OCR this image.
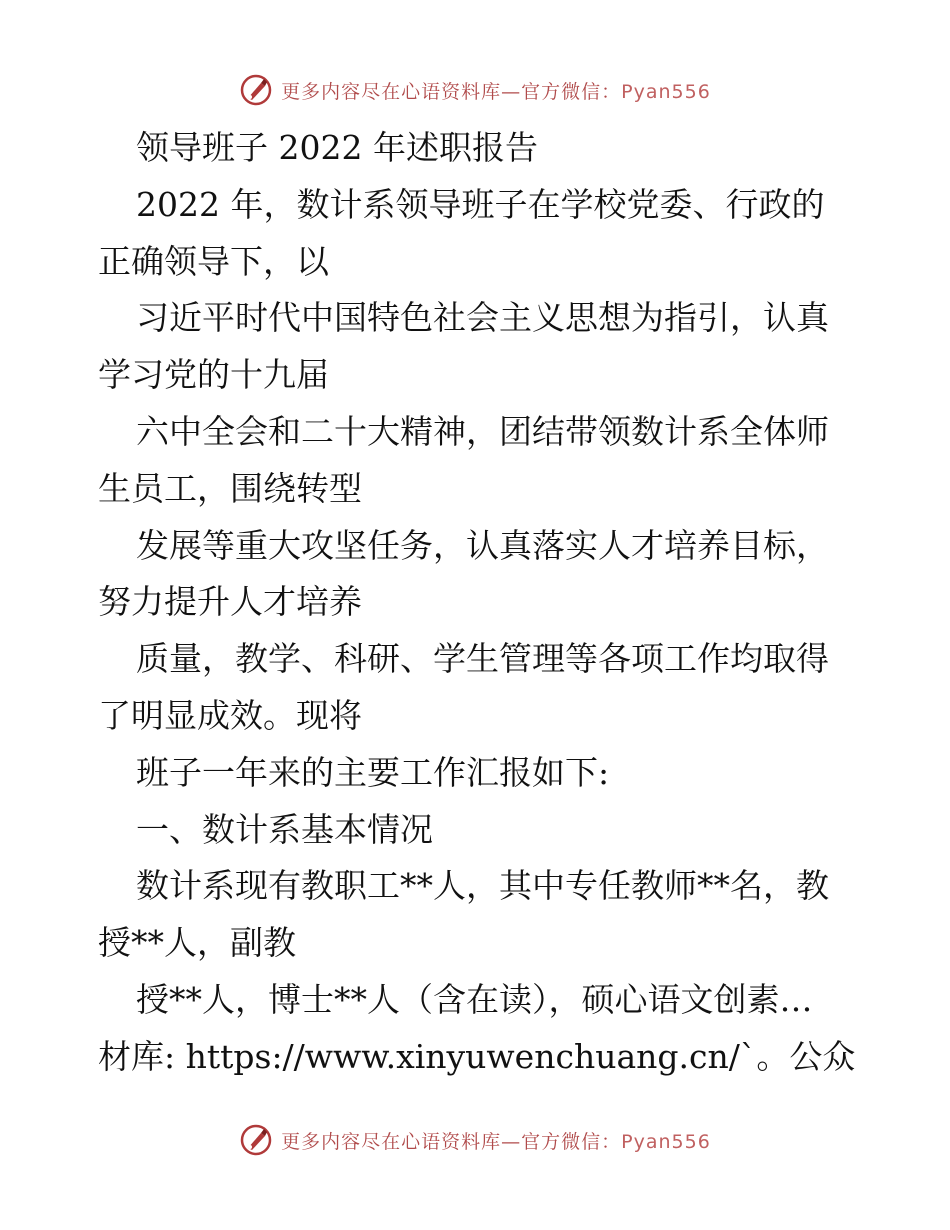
更多内容尽在心语资料库—官方微信：Pyan556
领导班子 2022 年述职报告
2022 年，数计系领导班子在学校党委、行政的
正确领导下，以
习近平时代中国特色社会主义思想为指引，认真
学习党的十九届
六中全会和二十大精神，团结带领数计系全体师
生员工，围绕转型
发展等重大攻坚任务，认真落实人才培养目标，
努力提升人才培养
质量，教学、科研、学生管理等各项工作均取得
了明显成效。现将
班子一年来的主要工作汇报如下:
一、数计系基本情况
数计系现有教职工**人，其中专任教师**名，教
授**人，副教
授**人，博士**人（含在读），硕心语文创素…
材库: https://www.xinyuwenchuang.cn/`。公众
更多内容尽在心语资料库—官方微信：Pyan556
